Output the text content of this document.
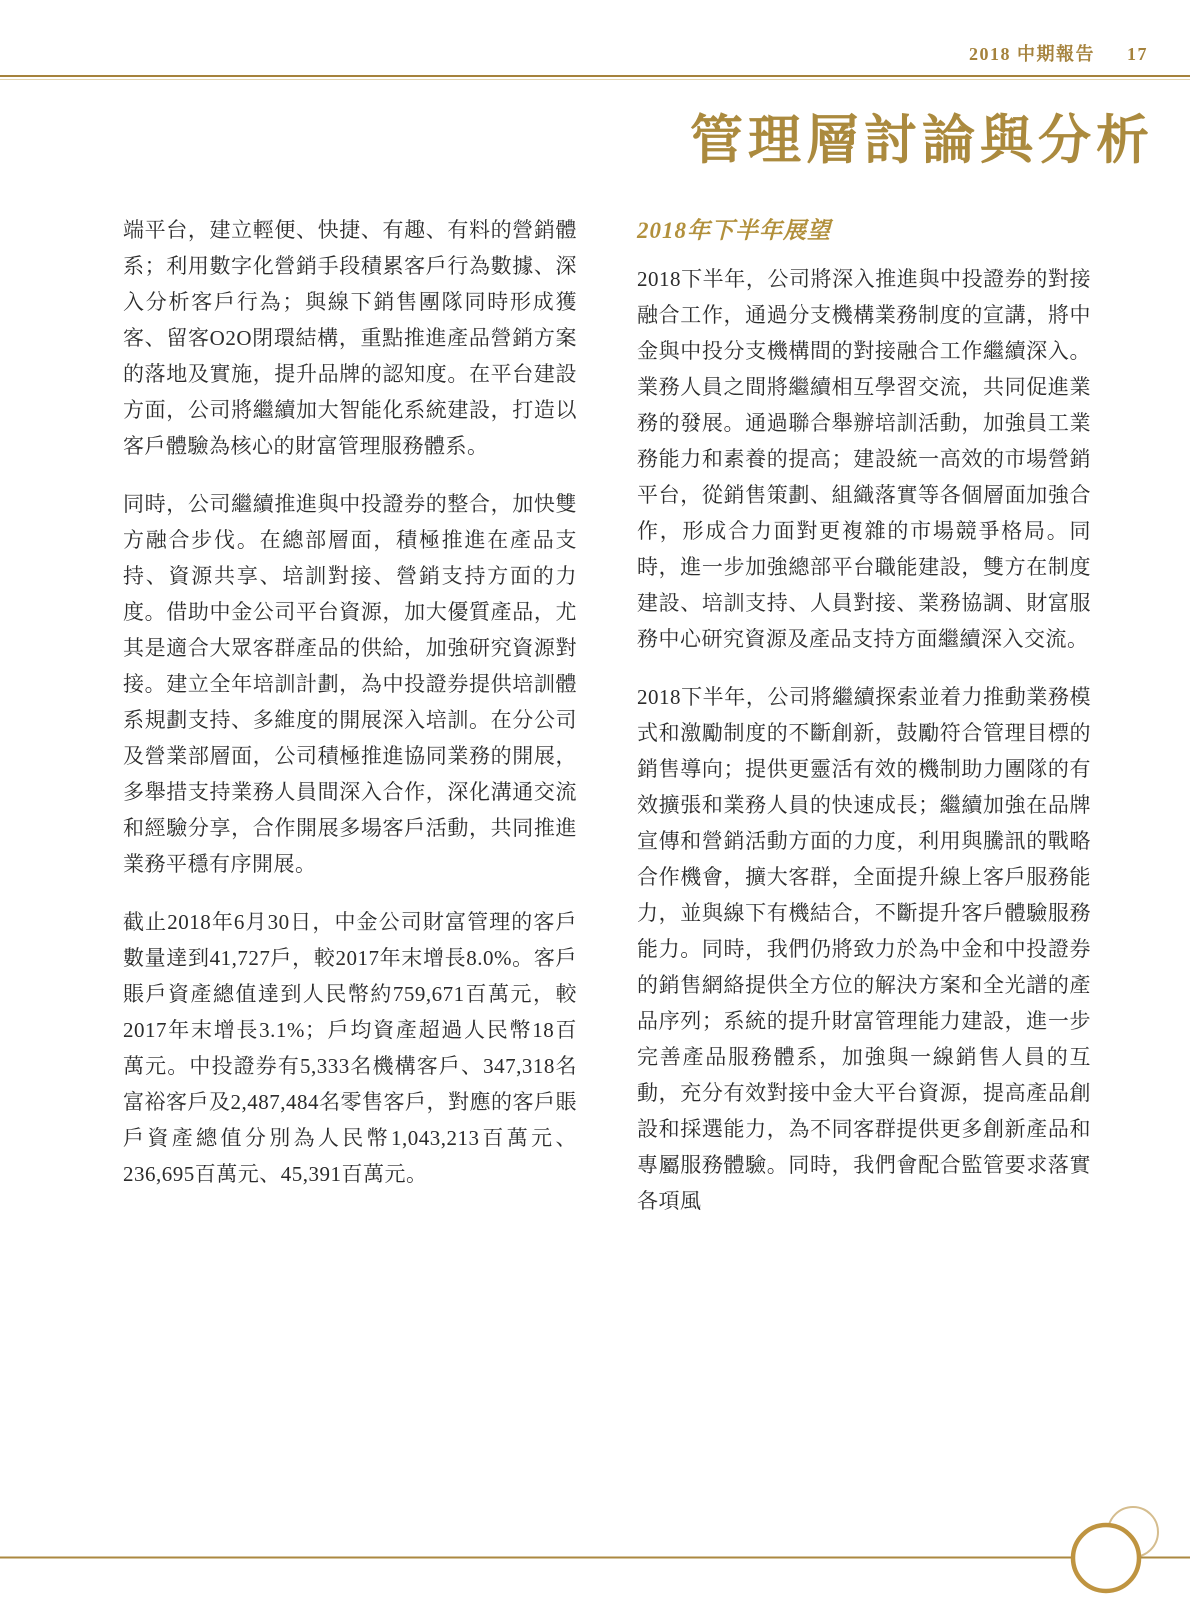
2018 中期報告 17
管理層討論與分析

端平台，建立輕便、快捷、有趣、有料的營銷體系；利用數字化營銷手段積累客戶行為數據、深入分析客戶行為；與線下銷售團隊同時形成獲客、留客O2O閉環結構，重點推進產品營銷方案的落地及實施，提升品牌的認知度。在平台建設方面，公司將繼續加大智能化系統建設，打造以客戶體驗為核心的財富管理服務體系。

同時，公司繼續推進與中投證券的整合，加快雙方融合步伐。在總部層面，積極推進在產品支持、資源共享、培訓對接、營銷支持方面的力度。借助中金公司平台資源，加大優質產品，尤其是適合大眾客群產品的供給，加強研究資源對接。建立全年培訓計劃，為中投證券提供培訓體系規劃支持、多維度的開展深入培訓。在分公司及營業部層面，公司積極推進協同業務的開展，多舉措支持業務人員間深入合作，深化溝通交流和經驗分享，合作開展多場客戶活動，共同推進業務平穩有序開展。

截止2018年6月30日，中金公司財富管理的客戶數量達到41,727戶，較2017年末增長8.0%。客戶賬戶資產總值達到人民幣約759,671百萬元，較2017年末增長3.1%；戶均資產超過人民幣18百萬元。中投證券有5,333名機構客戶、347,318名富裕客戶及2,487,484名零售客戶，對應的客戶賬戶資產總值分別為人民幣1,043,213百萬元、236,695百萬元、45,391百萬元。

2018年下半年展望

2018下半年，公司將深入推進與中投證券的對接融合工作，通過分支機構業務制度的宣講，將中金與中投分支機構間的對接融合工作繼續深入。業務人員之間將繼續相互學習交流，共同促進業務的發展。通過聯合舉辦培訓活動，加強員工業務能力和素養的提高；建設統一高效的市場營銷平台，從銷售策劃、組織落實等各個層面加強合作，形成合力面對更複雜的市場競爭格局。同時，進一步加強總部平台職能建設，雙方在制度建設、培訓支持、人員對接、業務協調、財富服務中心研究資源及產品支持方面繼續深入交流。

2018下半年，公司將繼續探索並着力推動業務模式和激勵制度的不斷創新，鼓勵符合管理目標的銷售導向；提供更靈活有效的機制助力團隊的有效擴張和業務人員的快速成長；繼續加強在品牌宣傳和營銷活動方面的力度，利用與騰訊的戰略合作機會，擴大客群，全面提升線上客戶服務能力，並與線下有機結合，不斷提升客戶體驗服務能力。同時，我們仍將致力於為中金和中投證券的銷售網絡提供全方位的解決方案和全光譜的產品序列；系統的提升財富管理能力建設，進一步完善產品服務體系，加強與一線銷售人員的互動，充分有效對接中金大平台資源，提高產品創設和採選能力，為不同客群提供更多創新產品和專屬服務體驗。同時，我們會配合監管要求落實各項風
